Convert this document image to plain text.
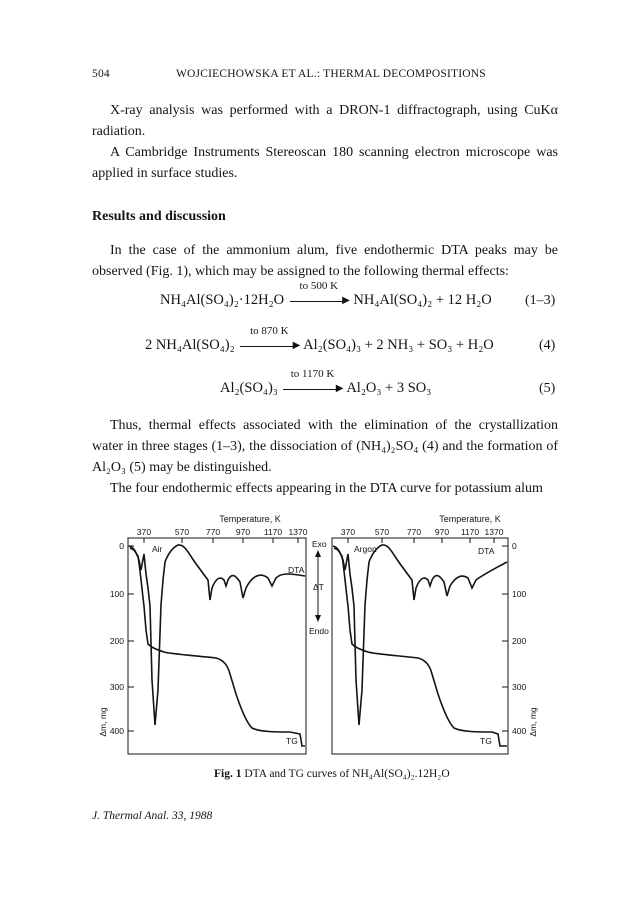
504	WOJCIECHOWSKA ET AL.: THERMAL DECOMPOSITIONS
X-ray analysis was performed with a DRON-1 diffractograph, using CuKα radiation.
A Cambridge Instruments Stereoscan 180 scanning electron microscope was applied in surface studies.
Results and discussion
In the case of the ammonium alum, five endothermic DTA peaks may be observed (Fig. 1), which may be assigned to the following thermal effects:
NH₄Al(SO₄)₂·12H₂O
to 500 K
▶ NH₄Al(SO₄)₂ + 12 H₂O (1–3)
2 NH₄Al(SO₄)₂
to 870 K
▶ Al₂(SO₄)₃ + 2 NH₃ + SO₃ + H₂O	(4)
Al₂(SO₄)₃
to 1170 K
▶ Al₂O₃ + 3 SO₃	(5)
Thus, thermal effects associated with the elimination of the crystallization water in three stages (1–3), the dissociation of (NH₄)₂SO₄ (4) and the formation of Al₂O₃ (5) may be distinguished.
The four endothermic effects appearing in the DTA curve for potassium alum
Temperature, K
370	570 770 970 1170 1370
0
100
200
300
400
Δm, mg
Air
DTA
TG
Exo
ΔT
Endo
Temperature, K
370 570 770 970 1170 1370
0
100
200
300
400 Δm, mg
Argon	DTA
TG
Fig. 1 DTA and TG curves of NH₄Al(SO₄)₂.12H₂O
J. Thermal Anal. 33, 1988
